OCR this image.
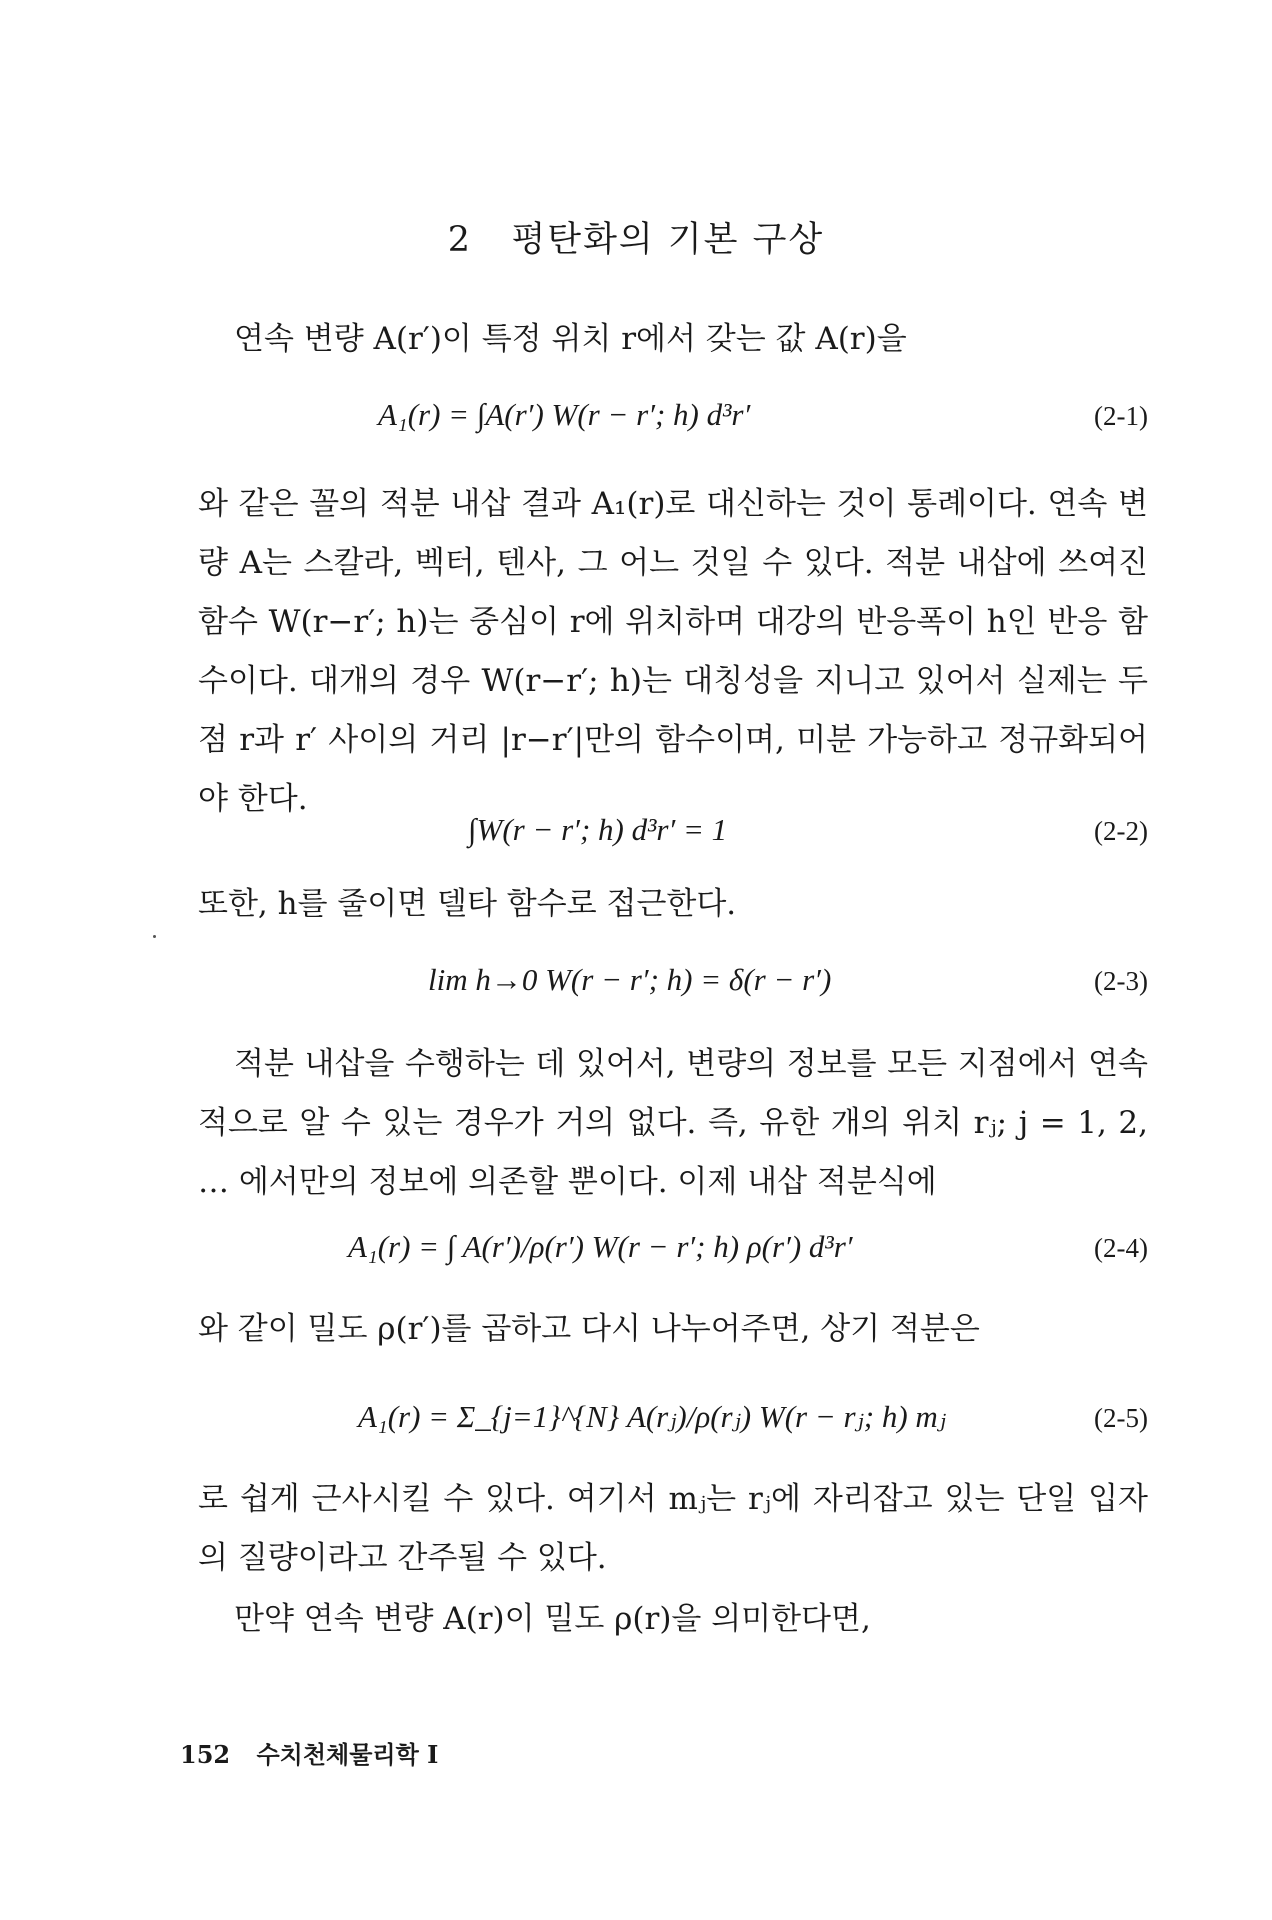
2 평탄화의 기본 구상

연속 변량 A(r′)이 특정 위치 r에서 갖는 값 A(r)을

A₁(r) = ∫A(r′) W(r − r′; h) d³r′	(2-1)

와 같은 꼴의 적분 내삽 결과 A₁(r)로 대신하는 것이 통례이다. 연속 변량 A는 스칼라, 벡터, 텐사, 그 어느 것일 수 있다. 적분 내삽에 쓰여진 함수 W(r−r′; h)는 중심이 r에 위치하며 대강의 반응폭이 h인 반응 함수이다. 대개의 경우 W(r−r′; h)는 대칭성을 지니고 있어서 실제는 두 점 r과 r′ 사이의 거리 |r−r′|만의 함수이며, 미분 가능하고 정규화되어야 한다.

∫W(r − r′; h) d³r′ = 1	(2-2)

또한, h를 줄이면 델타 함수로 접근한다.

lim h→0 W(r − r′; h) = δ(r − r′)	(2-3)

적분 내삽을 수행하는 데 있어서, 변량의 정보를 모든 지점에서 연속적으로 알 수 있는 경우가 거의 없다. 즉, 유한 개의 위치 rⱼ; j = 1, 2, … 에서만의 정보에 의존할 뿐이다. 이제 내삽 적분식에

A₁(r) = ∫ A(r′)/ρ(r′) W(r − r′; h) ρ(r′) d³r′	(2-4)

와 같이 밀도 ρ(r′)를 곱하고 다시 나누어주면, 상기 적분은

A₁(r) = Σ_{j=1}^{N} A(rⱼ)/ρ(rⱼ) W(r − rⱼ; h) mⱼ	(2-5)

로 쉽게 근사시킬 수 있다. 여기서 mⱼ는 rⱼ에 자리잡고 있는 단일 입자의 질량이라고 간주될 수 있다.

만약 연속 변량 A(r)이 밀도 ρ(r)을 의미한다면,

152 수치천체물리학 I
